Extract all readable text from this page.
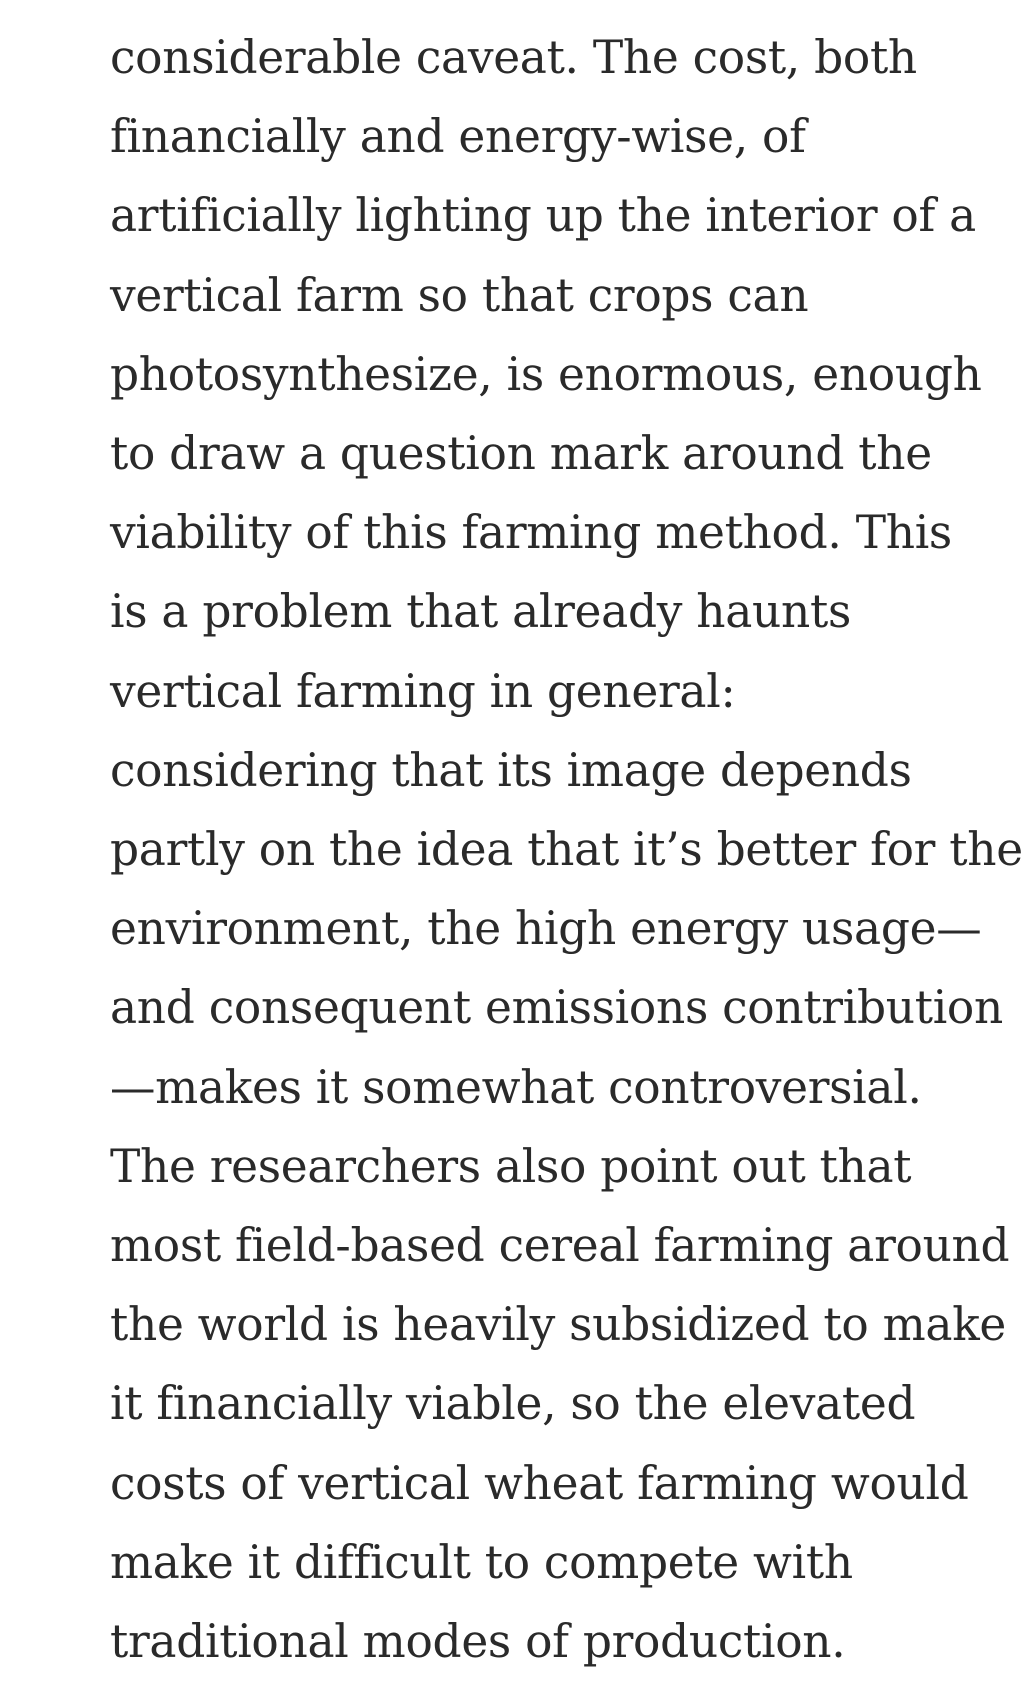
considerable caveat. The cost, both
financially and energy-wise, of
artificially lighting up the interior of a
vertical farm so that crops can
photosynthesize, is enormous, enough
to draw a question mark around the
viability of this farming method. This
is a problem that already haunts
vertical farming in general:
considering that its image depends
partly on the idea that it’s better for the
environment, the high energy usage—
and consequent emissions contribution
—makes it somewhat controversial.
The researchers also point out that
most field-based cereal farming around
the world is heavily subsidized to make
it financially viable, so the elevated
costs of vertical wheat farming would
make it difficult to compete with
traditional modes of production.
